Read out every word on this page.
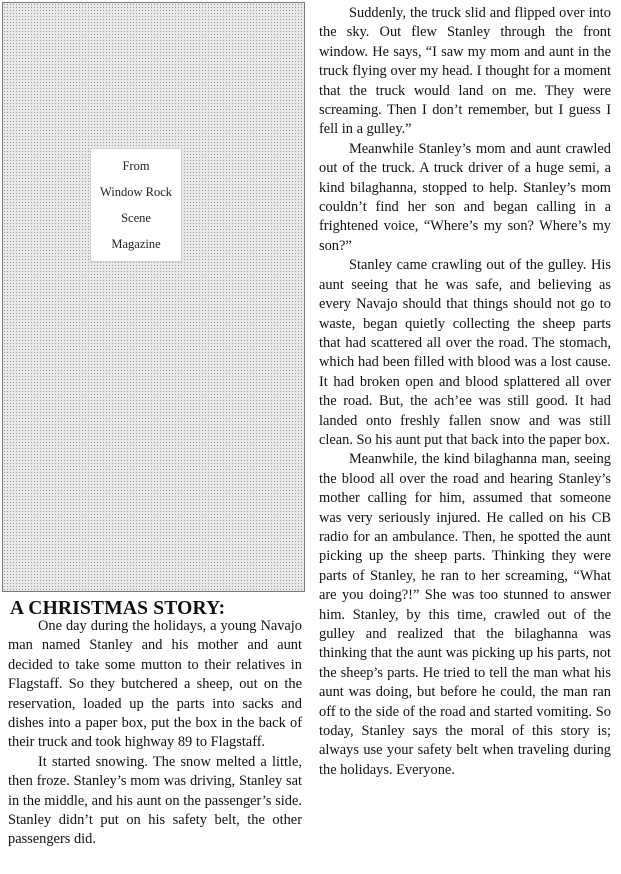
From
Window Rock
Scene
Magazine
A CHRISTMAS STORY:

One day during the holidays, a young Navajo man named Stanley and his mother and aunt decided to take some mutton to their relatives in Flagstaff. So they butchered a sheep, out on the reservation, loaded up the parts into sacks and dishes into a paper box, put the box in the back of their truck and took highway 89 to Flagstaff.

It started snowing. The snow melted a little, then froze. Stanley’s mom was driving, Stanley sat in the middle, and his aunt on the passenger’s side. Stanley didn’t put on his safety belt, the other passengers did.

Suddenly, the truck slid and flipped over into the sky. Out flew Stanley through the front window. He says, “I saw my mom and aunt in the truck flying over my head. I thought for a moment that the truck would land on me. They were screaming. Then I don’t remember, but I guess I fell in a gulley.”

Meanwhile Stanley’s mom and aunt crawled out of the truck. A truck driver of a huge semi, a kind bilaghanna, stopped to help. Stanley’s mom couldn’t find her son and began calling in a frightened voice, “Where’s my son? Where’s my son?”

Stanley came crawling out of the gulley. His aunt seeing that he was safe, and believing as every Navajo should that things should not go to waste, began quietly collecting the sheep parts that had scattered all over the road. The stomach, which had been filled with blood was a lost cause. It had broken open and blood splattered all over the road. But, the ach’ee was still good. It had landed onto freshly fallen snow and was still clean. So his aunt put that back into the paper box.

Meanwhile, the kind bilaghanna man, seeing the blood all over the road and hearing Stanley’s mother calling for him, assumed that someone was very seriously injured. He called on his CB radio for an ambulance. Then, he spotted the aunt picking up the sheep parts. Thinking they were parts of Stanley, he ran to her screaming, “What are you doing?!” She was too stunned to answer him. Stanley, by this time, crawled out of the gulley and realized that the bilaghanna was thinking that the aunt was picking up his parts, not the sheep’s parts. He tried to tell the man what his aunt was doing, but before he could, the man ran off to the side of the road and started vomiting. So today, Stanley says the moral of this story is; always use your safety belt when traveling during the holidays. Everyone.
